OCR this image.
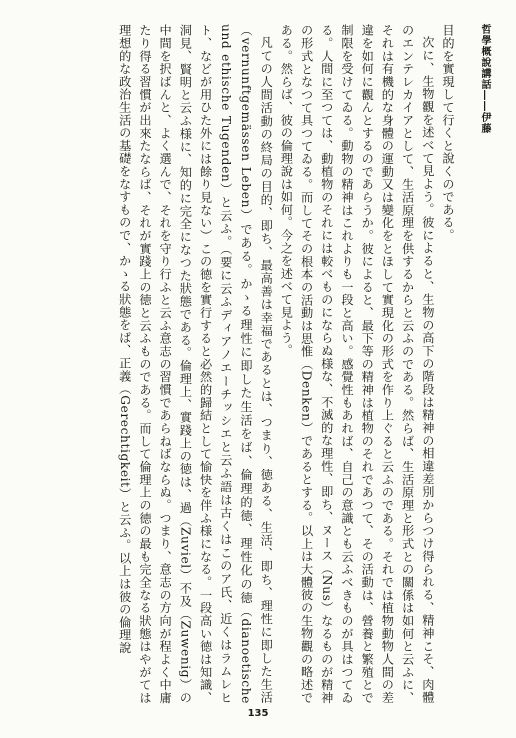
哲學概說講話――伊藤

目的を實現して行くと說くのである。

次に、生物觀を述べて見よう。彼によると、生物の高下の階段は精神の相違差別からつけ得られる、精神こそ、肉體のエンテレカイアとして、生活原理を供するからと云ふのである。然らば、生活原理と形式との關係は如何と云ふに、それは有機的な身體の運動又は變化をとほして實現化の形式を作り上ぐると云ふのである。それでは植物動物人間の差違を如何に觀んとするのであらうか。彼によると、最下等の精神は植物のそれであつて、その活動は、營養と繁殖とで制限を受けてゐる。動物の精神はこれよりも一段と高い。感覺性もあれば、自己の意識とも云ふべきものが具はつてゐる。人間に至つては、動植物のそれには較べものにならぬ様な、不滅的な理性、即ち、ヌース（Nus）なるものが精神の形式となつて具つてゐる。而してその根本の活動は思惟（Denken）であるとする。以上は大體彼の生物觀の略述である。然らば、彼の倫理說は如何。今之を述べて見よう。

凡ての人間活動の終局の目的、即ち、最高善は幸福であるとは、つまり、徳ある、生活、即ち、理性に即した生活（vernunftgemässen Leben）である。かゝる理性に即した生活をば、倫理的徳、理性化の徳（dianoetische und ethische Tugenden）と云ふ。（要に云ふディアノエーチッシエと云ふ語は古くはこのア氏、近くはラムレヒト、などが用ひた外には餘り見ない）この徳を實行すると必然的歸結として愉快を伴ふ様になる。一段高い徳は知識、洞見、賢明と云ふ様に、知的に完全になつた狀態である。倫理上、實踐上の徳は、過（Zuviel）不及（Zuwenig）の中間を択ばんと、よく選んで、それを守り行ふと云ふ意志の習慣であらねばならぬ。つまり、意志の方向が程よく中庸たり得る習慣が出來たならば、それが實踐上の徳と云ふものである。而して倫理上の徳の最も完全なる狀態はやがては理想的な政治生活の基礎をなすもので、かゝる狀態をば、正義（Gerechtigkeit）と云ふ。以上は彼の倫理說

135
